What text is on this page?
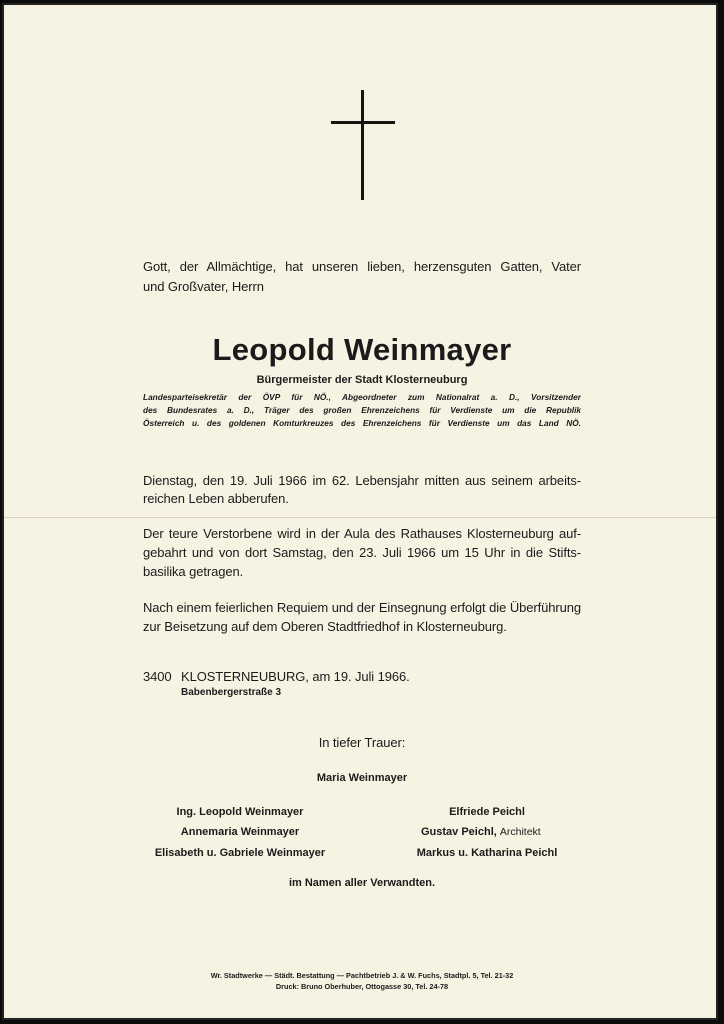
Gott, der Allmächtige, hat unseren lieben, herzensguten Gatten, Vater
und Großvater, Herrn
Leopold Weinmayer
Bürgermeister der Stadt Klosterneuburg
Landesparteisekretär der ÖVP für NÖ., Abgeordneter zum Nationalrat a. D., Vorsitzender
des Bundesrates a. D., Träger des großen Ehrenzeichens für Verdienste um die Republik
Österreich u. des goldenen Komturkreuzes des Ehrenzeichens für Verdienste um das Land NÖ.
Dienstag, den 19. Juli 1966 im 62. Lebensjahr mitten aus seinem arbeits-
reichen Leben abberufen.
Der teure Verstorbene wird in der Aula des Rathauses Klosterneuburg auf-
gebahrt und von dort Samstag, den 23. Juli 1966 um 15 Uhr in die Stifts-
basilika getragen.
Nach einem feierlichen Requiem und der Einsegnung erfolgt die Überführung
zur Beisetzung auf dem Oberen Stadtfriedhof in Klosterneuburg.
3400 KLOSTERNEUBURG, am 19. Juli 1966.
Babenbergerstraße 3
In tiefer Trauer:
Maria Weinmayer
Ing. Leopold Weinmayer
Annemaria Weinmayer
Elisabeth u. Gabriele Weinmayer
Elfriede Peichl
Gustav Peichl, Architekt
Markus u. Katharina Peichl
im Namen aller Verwandten.
Wr. Stadtwerke — Städt. Bestattung — Pachtbetrieb J. & W. Fuchs, Stadtpl. 5, Tel. 21-32
Druck: Bruno Oberhuber, Ottogasse 30, Tel. 24-78
